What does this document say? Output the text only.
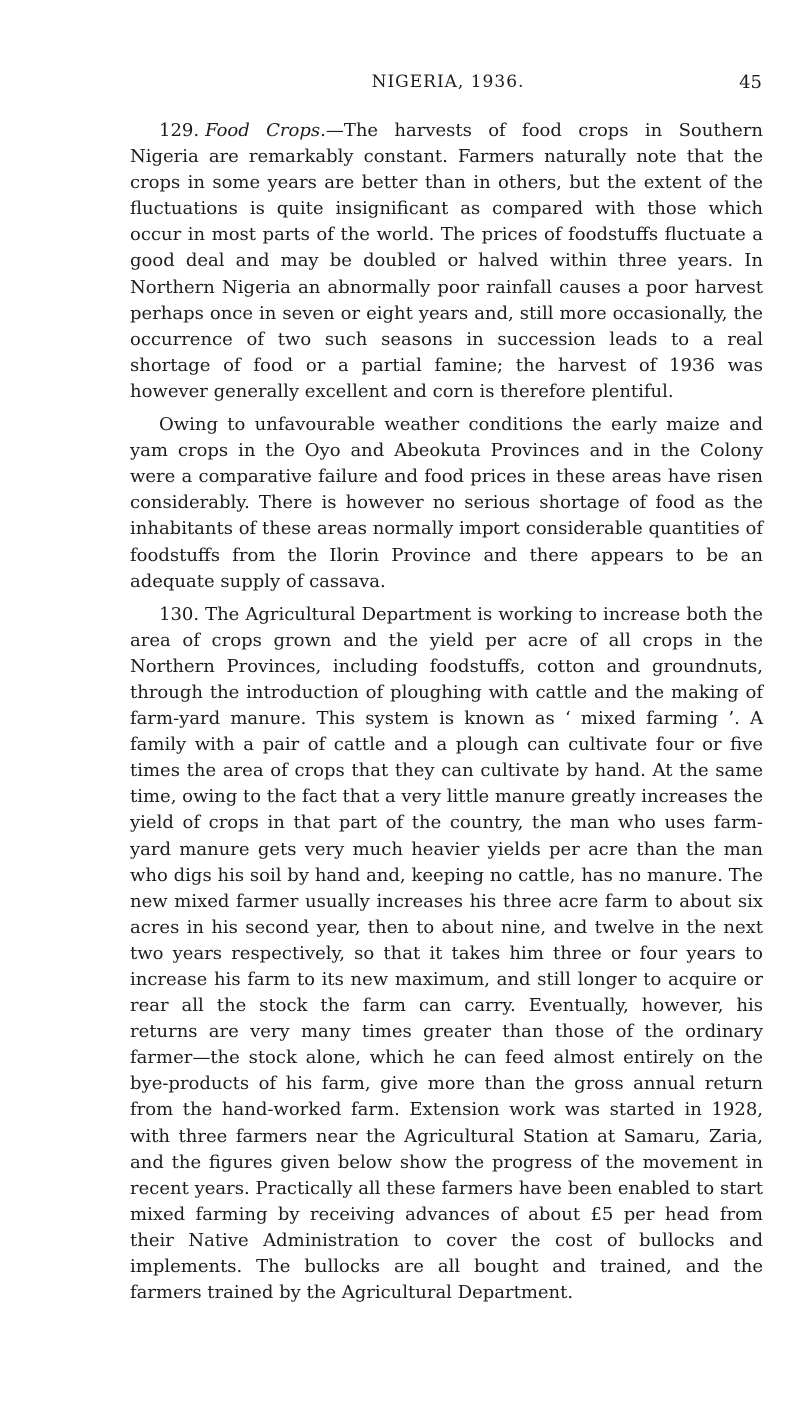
NIGERIA, 1936.	45

129. Food Crops.—The harvests of food crops in Southern Nigeria are remarkably constant. Farmers naturally note that the crops in some years are better than in others, but the extent of the fluctuations is quite insignificant as compared with those which occur in most parts of the world. The prices of foodstuffs fluctuate a good deal and may be doubled or halved within three years. In Northern Nigeria an abnormally poor rainfall causes a poor harvest perhaps once in seven or eight years and, still more occasionally, the occurrence of two such seasons in succession leads to a real shortage of food or a partial famine; the harvest of 1936 was however generally excellent and corn is therefore plentiful.

Owing to unfavourable weather conditions the early maize and yam crops in the Oyo and Abeokuta Provinces and in the Colony were a comparative failure and food prices in these areas have risen considerably. There is however no serious shortage of food as the inhabitants of these areas normally import considerable quantities of foodstuffs from the Ilorin Province and there appears to be an adequate supply of cassava.

130. The Agricultural Department is working to increase both the area of crops grown and the yield per acre of all crops in the Northern Provinces, including foodstuffs, cotton and groundnuts, through the introduction of ploughing with cattle and the making of farm-yard manure. This system is known as ‘ mixed farming ’. A family with a pair of cattle and a plough can cultivate four or five times the area of crops that they can cultivate by hand. At the same time, owing to the fact that a very little manure greatly increases the yield of crops in that part of the country, the man who uses farm-yard manure gets very much heavier yields per acre than the man who digs his soil by hand and, keeping no cattle, has no manure. The new mixed farmer usually increases his three acre farm to about six acres in his second year, then to about nine, and twelve in the next two years respectively, so that it takes him three or four years to increase his farm to its new maximum, and still longer to acquire or rear all the stock the farm can carry. Eventually, however, his returns are very many times greater than those of the ordinary farmer—the stock alone, which he can feed almost entirely on the bye-products of his farm, give more than the gross annual return from the hand-worked farm. Extension work was started in 1928, with three farmers near the Agricultural Station at Samaru, Zaria, and the figures given below show the progress of the movement in recent years. Practically all these farmers have been enabled to start mixed farming by receiving advances of about £5 per head from their Native Administration to cover the cost of bullocks and implements. The bullocks are all bought and trained, and the farmers trained by the Agricultural Department.
